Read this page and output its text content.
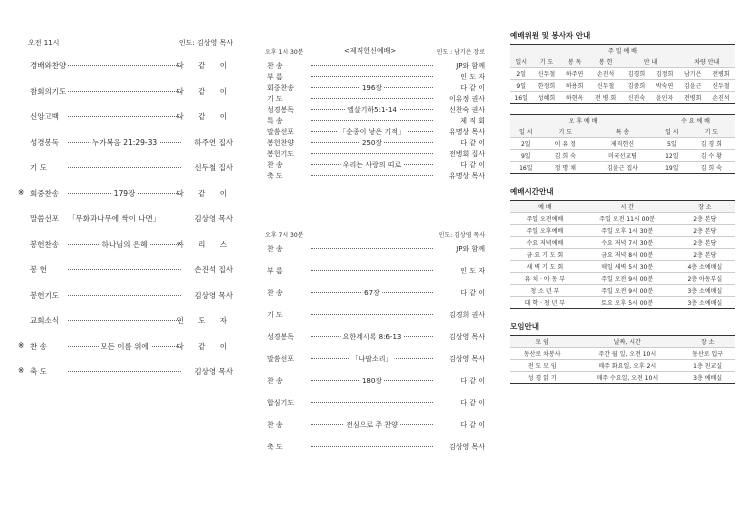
오전 11시	인도: 김상영 목사
경배와찬양	다 같 이
참회의기도	다 같 이
신앙고백	다 같 이
성경봉독	누가복음 21:29-33	하주연 집사
기 도	신두철 집사
※ 회중찬송	179장	다 같 이
말씀선포 「무화과나무에 싹이 나면」	김상영 목사
봉헌찬송	하나님의 은혜	카 리 스
봉 헌	손진석 집사
봉헌기도	김상영 목사
교회소식	인 도 자
※ 찬 송	모든 이름 위에	다 같 이
※ 축 도	김상영 목사
오후 1시 30분	<제직헌신예배>	인도 : 남기은 장로
찬 송	JP와 함께
부 름	인 도 자
회중찬송	196장	다 같 이
기 도	이유정 권사
성경봉독	엘살기하5:1-14	신찬숙 권사
특 송	제 직 회
말씀선포	「순종이 낳은 기적」	유명상 목사
봉헌찬양	250장	다 같 이
봉헌기도	전병회 집사
찬 송	우리는 사랑의 띠로	다 같 이
축 도	유명상 목사
오후 7시 30분	인도: 김상영 목사
찬 송	JP와 함께
부 름	인 도 자
찬 송	67장	다 같 이
기 도	김경희 권사
성경봉독	요한계시록 8:6-13	김상영 목사
말씀선포	「나팔소리」	김상영 목사
찬 송	180장	다 같 이
합심기도	다 같 이
찬 송	전심으로 주 찬양	다 같 이
축 도	김상영 목사
예배위원 및 봉사자 안내
주 일 예 배							
일시	기 도	봉 독	봉 헌	안 내		차량 안내	
2일	신두철	하주연	손진석	김경희	김정희	남기은	전병회
9일	한정희	하용희	신두철	김중희	박숙연	김윤근	신두철
16일	성혜희	하현옥	전 병 회	신진숙	윤인자	전병회	손진석
오 후 예 배			수 요 예 배	
일 시	기 도	특 송	일 시	기 도
2일	이 유 정	제직헌신	5일	김 경 희
9일	김 희 숙	미국선교팀	12일	김 수 황
16일	정 명 채	김윤근 집사	19일	김 희 숙
예배시간안내
예 배	시 간	장 소
주일 오전예배	주일 오전 11시 00분	2층 본당
주일 오후예배	주일 오후 1시 30분	2층 본당
수요 저녁예배	수요 저녁 7시 30분	2층 본당
금 요 기 도 회	금요 저녁 8시 00분	2층 본당
새 벽 기 도 회	매일 새벽 5시 30분	4층 소예배실
유 치 · 아 동 부	주일 오전 9시 00분	2층 아동부실
청 소 년 부	주일 오전 9시 00분	3층 소예배실
대 학 · 청 년 부	토요 오후 5시 00분	3층 소예배실
모임안내
모 임	날짜, 시간	장 소
동산로 차봉사	주간 월 일, 오전 10시	동산로 입구
전 도 모 임	매주 화요일, 오후 2시	1층 친교실
성 경 읽 기	매주 수요일, 오전 10시	3층 예배실
